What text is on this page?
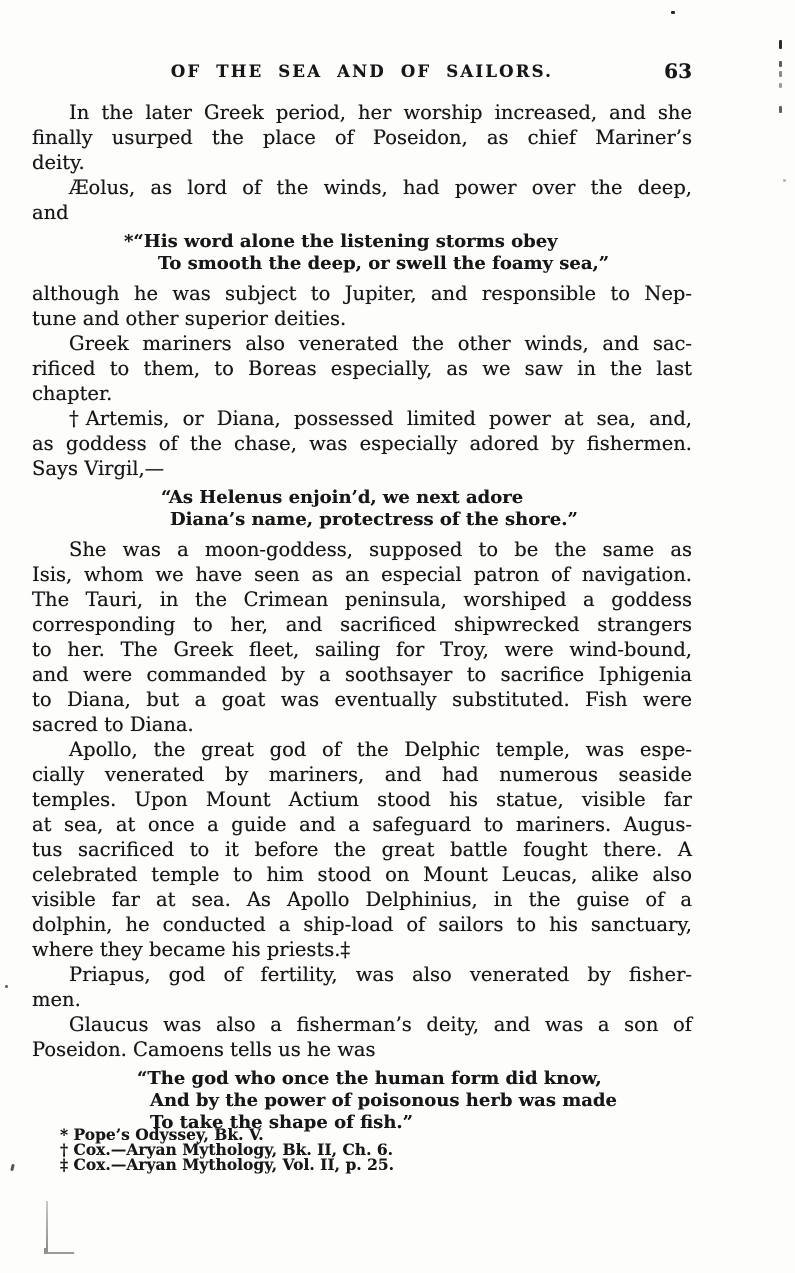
OF THE SEA AND OF SAILORS.	63
In the later Greek period, her worship increased, and she
finally usurped the place of Poseidon, as chief Mariner’s
deity.
Æolus, as lord of the winds, had power over the deep,
and
*“His word alone the listening storms obey
To smooth the deep, or swell the foamy sea,”
although he was subject to Jupiter, and responsible to Nep-
tune and other superior deities.
Greek mariners also venerated the other winds, and sac-
rificed to them, to Boreas especially, as we saw in the last
chapter.
†Artemis, or Diana, possessed limited power at sea, and,
as goddess of the chase, was especially adored by fishermen.
Says Virgil,—
“As Helenus enjoin’d, we next adore
Diana’s name, protectress of the shore.”
She was a moon-goddess, supposed to be the same as
Isis, whom we have seen as an especial patron of navigation.
The Tauri, in the Crimean peninsula, worshiped a goddess
corresponding to her, and sacrificed shipwrecked strangers
to her. The Greek fleet, sailing for Troy, were wind-bound,
and were commanded by a soothsayer to sacrifice Iphigenia
to Diana, but a goat was eventually substituted. Fish were
sacred to Diana.
Apollo, the great god of the Delphic temple, was espe-
cially venerated by mariners, and had numerous seaside
temples. Upon Mount Actium stood his statue, visible far
at sea, at once a guide and a safeguard to mariners. Augus-
tus sacrificed to it before the great battle fought there. A
celebrated temple to him stood on Mount Leucas, alike also
visible far at sea. As Apollo Delphinius, in the guise of a
dolphin, he conducted a ship-load of sailors to his sanctuary,
where they became his priests.‡
Priapus, god of fertility, was also venerated by fisher-
men.
Glaucus was also a fisherman’s deity, and was a son of
Poseidon. Camoens tells us he was
“The god who once the human form did know,
And by the power of poisonous herb was made
To take the shape of fish.”
* Pope’s Odyssey, Bk. V.
† Cox.—Aryan Mythology, Bk. II, Ch. 6.
‡ Cox.—Aryan Mythology, Vol. II, p. 25.
